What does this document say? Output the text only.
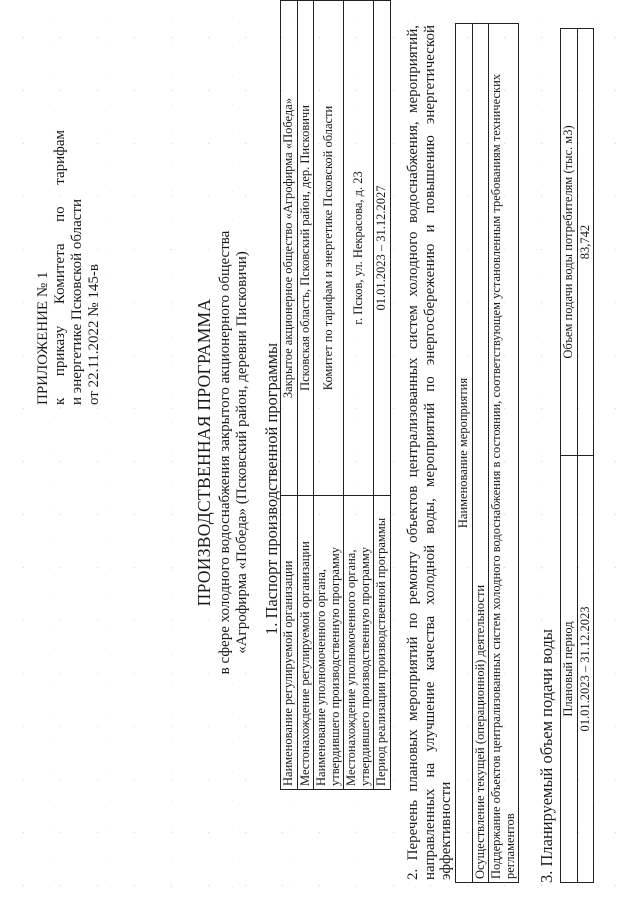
ПРИЛОЖЕНИЕ № 1 к
приказу
Комитета
по
тарифам
и энергетике Псковской области от 22.11.2022 № 145-в	ПРОИЗВОДСТВЕННАЯ ПРОГРАММА в сфере холодного водоснабжения закрытого акционерного общества «Агрофирма «Победа» (Псковский район, деревни Писковичи) 1. Паспорт производственной программы
Наименование регулируемой организации	Закрытое акционерное общество «Агрофирма «Победа»
Местонахождение регулируемой организации	Псковская область, Псковский район, дер. Писковичи
Наименование уполномоченного органа, утвердившего производственную программу	Комитет по тарифам и энергетике Псковской области
Местонахождение уполномоченного органа, утвердившего производственную программу	г. Псков, ул. Некрасова, д. 23
Период реализации производственной программы	01.01.2023 – 31.12.2027 2. Перечень плановых мероприятий по ремонту объектов централизованных систем холодного водоснабжения, мероприятий, направленных на улучшение качества холодной воды, мероприятий по энергосбережению и повышению энергетической эффективности
Наименование мероприятия
Осуществление текущей (операционной) деятельности
Поддержание объектов централизованных систем холодного водоснабжения в состоянии, соответствующем установленным требованиям технических регламентов 3. Планируемый объем подачи воды Плановый период	Объем подачи воды потребителям (тыс. м3)
01.01.2023 – 31.12.2023	83,742
